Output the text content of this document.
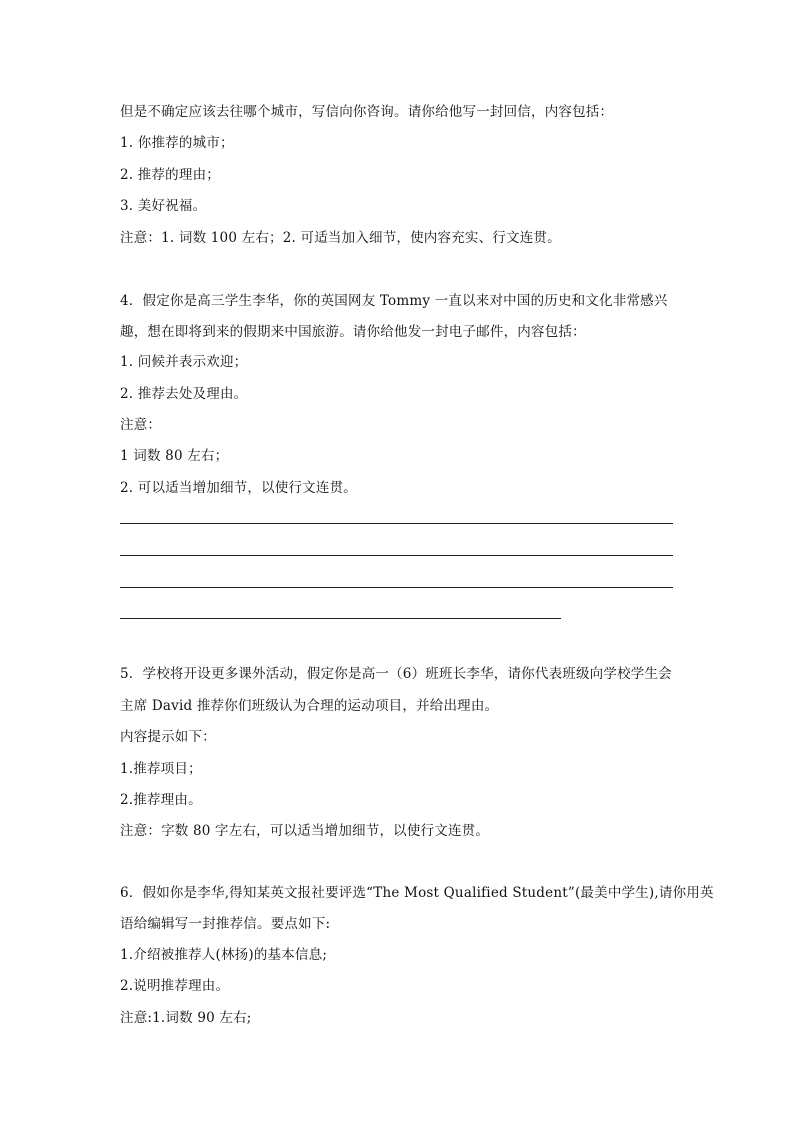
但是不确定应该去往哪个城市，写信向你咨询。请你给他写一封回信，内容包括：
1. 你推荐的城市；
2. 推荐的理由；
3. 美好祝福。
注意：1. 词数 100 左右；2. 可适当加入细节，使内容充实、行文连贯。
4．假定你是高三学生李华，你的英国网友 Tommy 一直以来对中国的历史和文化非常感兴
趣，想在即将到来的假期来中国旅游。请你给他发一封电子邮件，内容包括：
1. 问候并表示欢迎；
2. 推荐去处及理由。
注意：
1 词数 80 左右；
2. 可以适当增加细节，以使行文连贯。
5．学校将开设更多课外活动，假定你是高一（6）班班长李华，请你代表班级向学校学生会
主席 David 推荐你们班级认为合理的运动项目，并给出理由。
内容提示如下：
1.推荐项目；
2.推荐理由。
注意：字数 80 字左右，可以适当增加细节，以使行文连贯。
6．假如你是李华,得知某英文报社要评选“The Most Qualified Student”(最美中学生),请你用英
语给编辑写一封推荐信。要点如下:
1.介绍被推荐人(林扬)的基本信息;
2.说明推荐理由。
注意:1.词数 90 左右;
